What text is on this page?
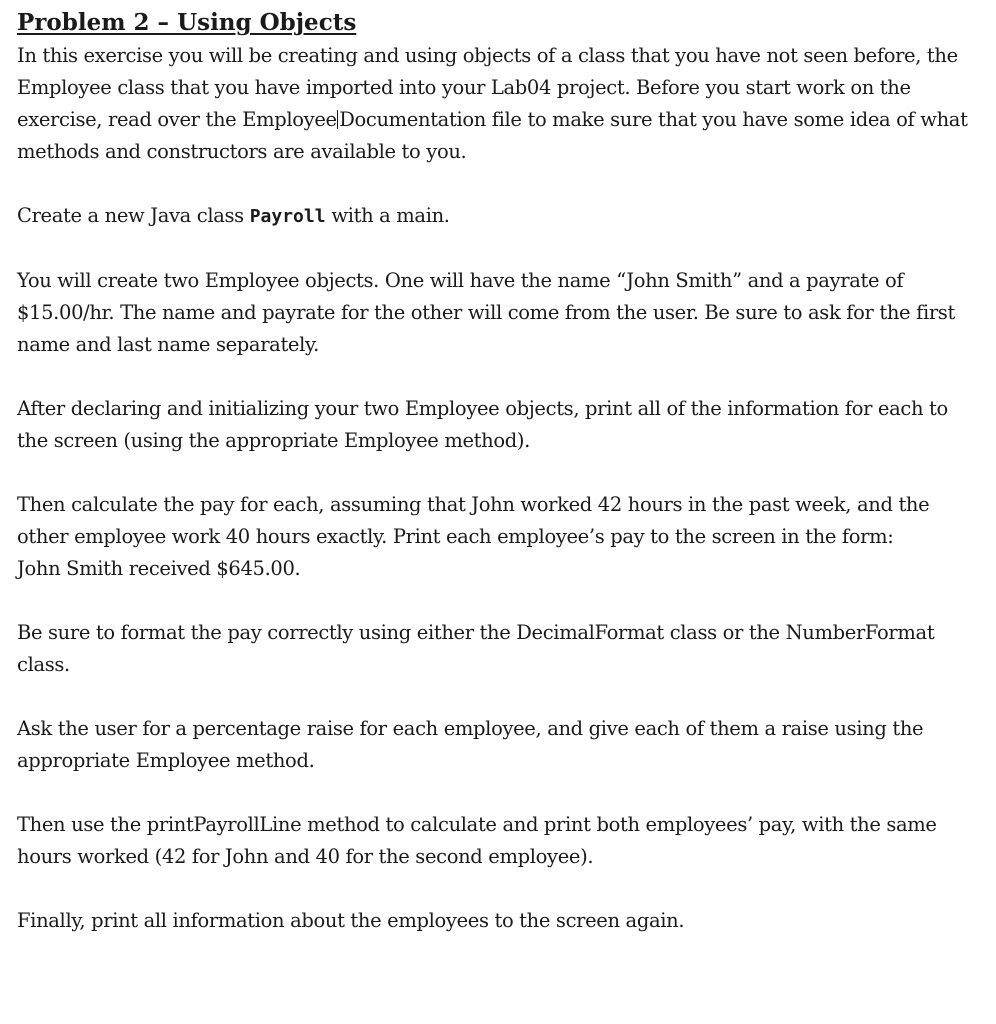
Problem 2 – Using Objects

In this exercise you will be creating and using objects of a class that you have not seen before, the Employee class that you have imported into your Lab04 project. Before you start work on the exercise, read over the Employee Documentation file to make sure that you have some idea of what methods and constructors are available to you.

Create a new Java class Payroll with a main.

You will create two Employee objects. One will have the name “John Smith” and a payrate of $15.00/hr. The name and payrate for the other will come from the user. Be sure to ask for the first name and last name separately.

After declaring and initializing your two Employee objects, print all of the information for each to the screen (using the appropriate Employee method).

Then calculate the pay for each, assuming that John worked 42 hours in the past week, and the other employee work 40 hours exactly. Print each employee’s pay to the screen in the form:
John Smith received $645.00.

Be sure to format the pay correctly using either the DecimalFormat class or the NumberFormat class.

Ask the user for a percentage raise for each employee, and give each of them a raise using the appropriate Employee method.

Then use the printPayrollLine method to calculate and print both employees’ pay, with the same hours worked (42 for John and 40 for the second employee).

Finally, print all information about the employees to the screen again.
